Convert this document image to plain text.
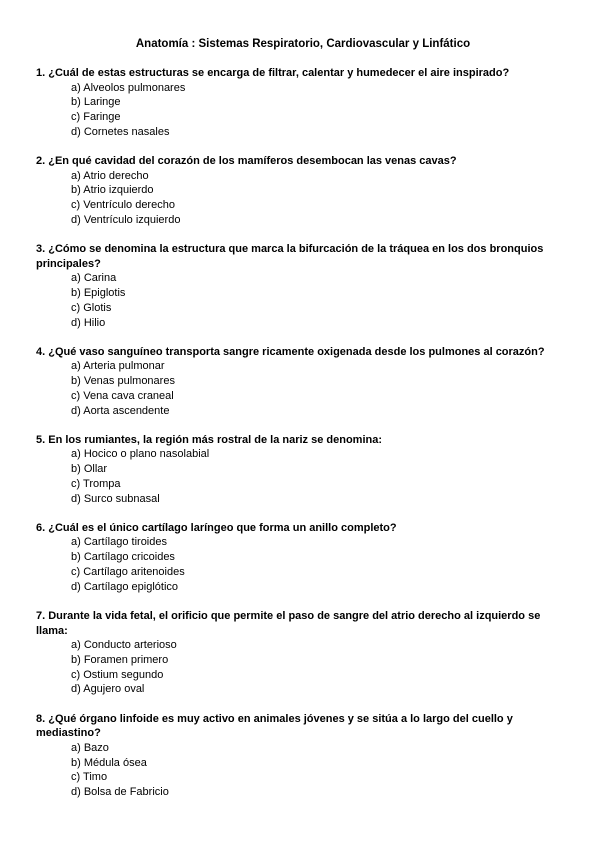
Anatomía : Sistemas Respiratorio, Cardiovascular y Linfático

1. ¿Cuál de estas estructuras se encarga de filtrar, calentar y humedecer el aire inspirado?

a) Alveolos pulmonares
b) Laringe
c) Faringe
d) Cornetes nasales

2. ¿En qué cavidad del corazón de los mamíferos desembocan las venas cavas?

a) Atrio derecho
b) Atrio izquierdo
c) Ventrículo derecho
d) Ventrículo izquierdo

3. ¿Cómo se denomina la estructura que marca la bifurcación de la tráquea en los dos bronquios principales?

a) Carina
b) Epiglotis
c) Glotis
d) Hilio

4. ¿Qué vaso sanguíneo transporta sangre ricamente oxigenada desde los pulmones al corazón?

a) Arteria pulmonar
b) Venas pulmonares
c) Vena cava craneal
d) Aorta ascendente

5. En los rumiantes, la región más rostral de la nariz se denomina:

a) Hocico o plano nasolabial
b) Ollar
c) Trompa
d) Surco subnasal

6. ¿Cuál es el único cartílago laríngeo que forma un anillo completo?

a) Cartílago tiroides
b) Cartílago cricoides
c) Cartílago aritenoides
d) Cartílago epiglótico

7. Durante la vida fetal, el orificio que permite el paso de sangre del atrio derecho al izquierdo se llama:

a) Conducto arterioso
b) Foramen primero
c) Ostium segundo
d) Agujero oval

8. ¿Qué órgano linfoide es muy activo en animales jóvenes y se sitúa a lo largo del cuello y mediastino?

a) Bazo
b) Médula ósea
c) Timo
d) Bolsa de Fabricio
